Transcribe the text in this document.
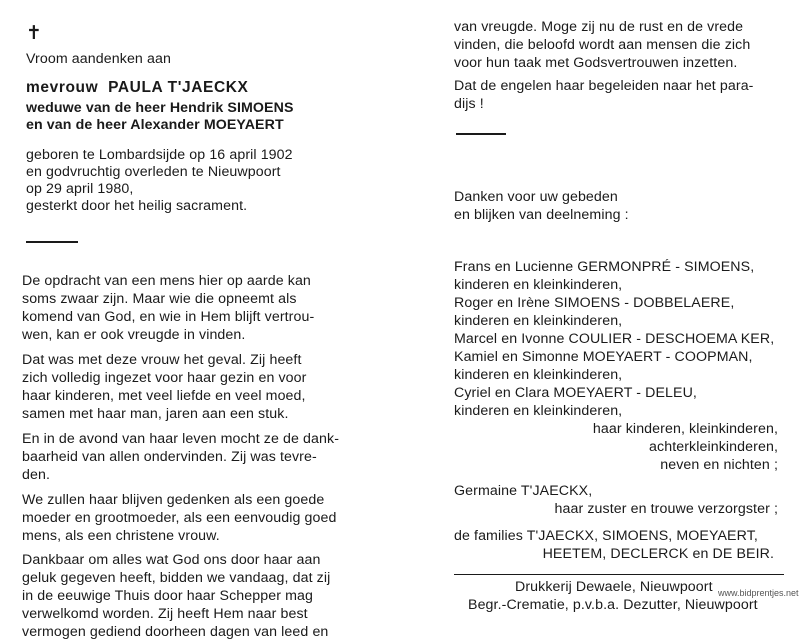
✝
Vroom aandenken aan
mevrouw PAULA T'JAECKX
weduwe van de heer Hendrik SIMOENS
en van de heer Alexander MOEYAERT
geboren te Lombardsijde op 16 april 1902
en godvruchtig overleden te Nieuwpoort
op 29 april 1980,
gesterkt door het heilig sacrament.
De opdracht van een mens hier op aarde kan
soms zwaar zijn. Maar wie die opneemt als
komend van God, en wie in Hem blijft vertrou-
wen, kan er ook vreugde in vinden.
Dat was met deze vrouw het geval. Zij heeft
zich volledig ingezet voor haar gezin en voor
haar kinderen, met veel liefde en veel moed,
samen met haar man, jaren aan een stuk.
En in de avond van haar leven mocht ze de dank-
baarheid van allen ondervinden. Zij was tevre-
den.
We zullen haar blijven gedenken als een goede
moeder en grootmoeder, als een eenvoudig goed
mens, als een christene vrouw.
Dankbaar om alles wat God ons door haar aan
geluk gegeven heeft, bidden we vandaag, dat zij
in de eeuwige Thuis door haar Schepper mag
verwelkomd worden. Zij heeft Hem naar best
vermogen gediend doorheen dagen van leed en
van vreugde. Moge zij nu de rust en de vrede
vinden, die beloofd wordt aan mensen die zich
voor hun taak met Godsvertrouwen inzetten.
Dat de engelen haar begeleiden naar het para-
dijs !
Danken voor uw gebeden
en blijken van deelneming :
Frans en Lucienne GERMONPRÉ - SIMOENS,
kinderen en kleinkinderen,
Roger en Irène SIMOENS - DOBBELAERE,
kinderen en kleinkinderen,
Marcel en Ivonne COULIER - DESCHOEMA KER,
Kamiel en Simonne MOEYAERT - COOPMAN,
kinderen en kleinkinderen,
Cyriel en Clara MOEYAERT - DELEU,
kinderen en kleinkinderen,
haar kinderen, kleinkinderen,
achterkleinkinderen,
neven en nichten ;
Germaine T'JAECKX,
haar zuster en trouwe verzorgster ;
de families T'JAECKX, SIMOENS, MOEYAERT,
HEETEM, DECLERCK en DE BEIR.
Drukkerij Dewaele, Nieuwpoort
Begr.-Crematie, p.v.b.a. Dezutter, Nieuwpoort
www.bidprentjes.net
